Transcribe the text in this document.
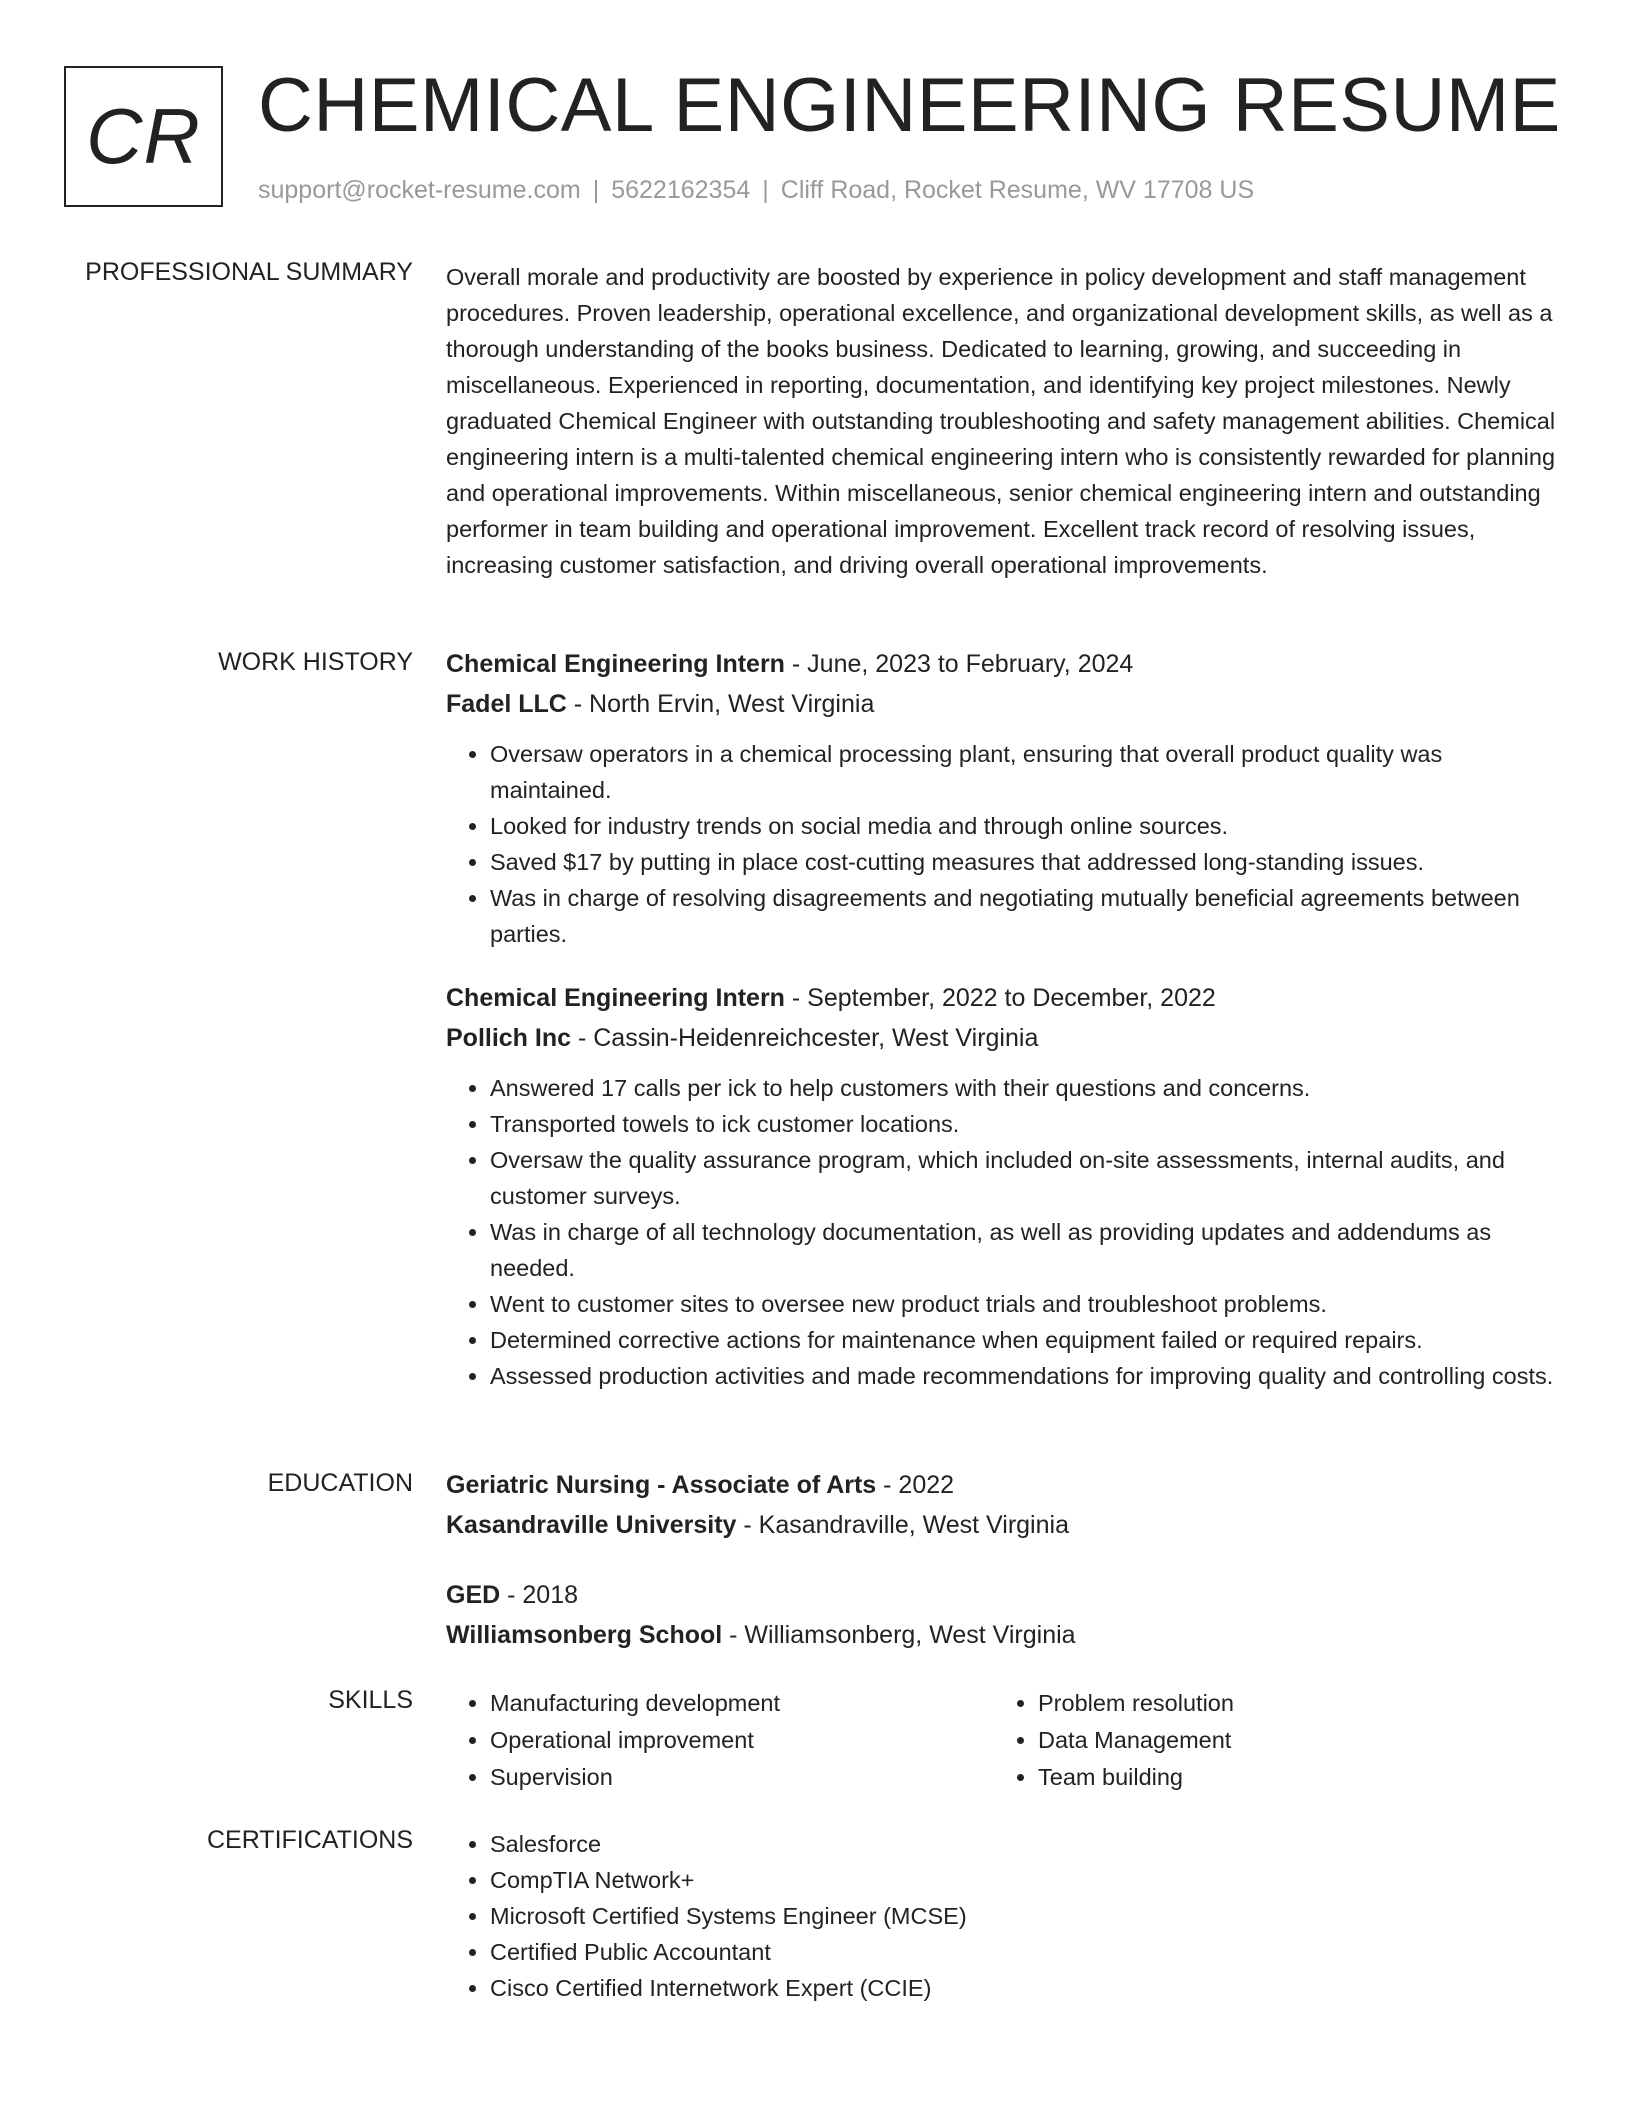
CR CHEMICAL ENGINEERING RESUME
support@rocket-resume.com | 5622162354 | Cliff Road, Rocket Resume, WV 17708 US
PROFESSIONAL SUMMARY Overall morale and productivity are boosted by experience in policy development and staff management procedures. Proven leadership, operational excellence, and organizational development skills, as well as a thorough understanding of the books business. Dedicated to learning, growing, and succeeding in miscellaneous. Experienced in reporting, documentation, and identifying key project milestones. Newly graduated Chemical Engineer with outstanding troubleshooting and safety management abilities. Chemical engineering intern is a multi-talented chemical engineering intern who is consistently rewarded for planning and operational improvements. Within miscellaneous, senior chemical engineering intern and outstanding performer in team building and operational improvement. Excellent track record of resolving issues, increasing customer satisfaction, and driving overall operational improvements.

WORK HISTORY Chemical Engineering Intern - June, 2023 to February, 2024
Fadel LLC - North Ervin, West Virginia
• Oversaw operators in a chemical processing plant, ensuring that overall product quality was maintained.
• Looked for industry trends on social media and through online sources.
• Saved $17 by putting in place cost-cutting measures that addressed long-standing issues.
• Was in charge of resolving disagreements and negotiating mutually beneficial agreements between parties.
Chemical Engineering Intern - September, 2022 to December, 2022
Pollich Inc - Cassin-Heidenreichcester, West Virginia
• Answered 17 calls per ick to help customers with their questions and concerns.
• Transported towels to ick customer locations.
• Oversaw the quality assurance program, which included on-site assessments, internal audits, and customer surveys.
• Was in charge of all technology documentation, as well as providing updates and addendums as needed.
• Went to customer sites to oversee new product trials and troubleshoot problems.
• Determined corrective actions for maintenance when equipment failed or required repairs.
• Assessed production activities and made recommendations for improving quality and controlling costs.
EDUCATION Geriatric Nursing - Associate of Arts - 2022
Kasandraville University - Kasandraville, West Virginia
GED - 2018
Williamsonberg School - Williamsonberg, West Virginia
SKILLS	• Manufacturing development
• Operational improvement
• Supervision
• Problem resolution
• Data Management
• Team building
CERTIFICATIONS	• Salesforce
• CompTIA Network+
• Microsoft Certified Systems Engineer (MCSE)
• Certified Public Accountant
• Cisco Certified Internetwork Expert (CCIE)
